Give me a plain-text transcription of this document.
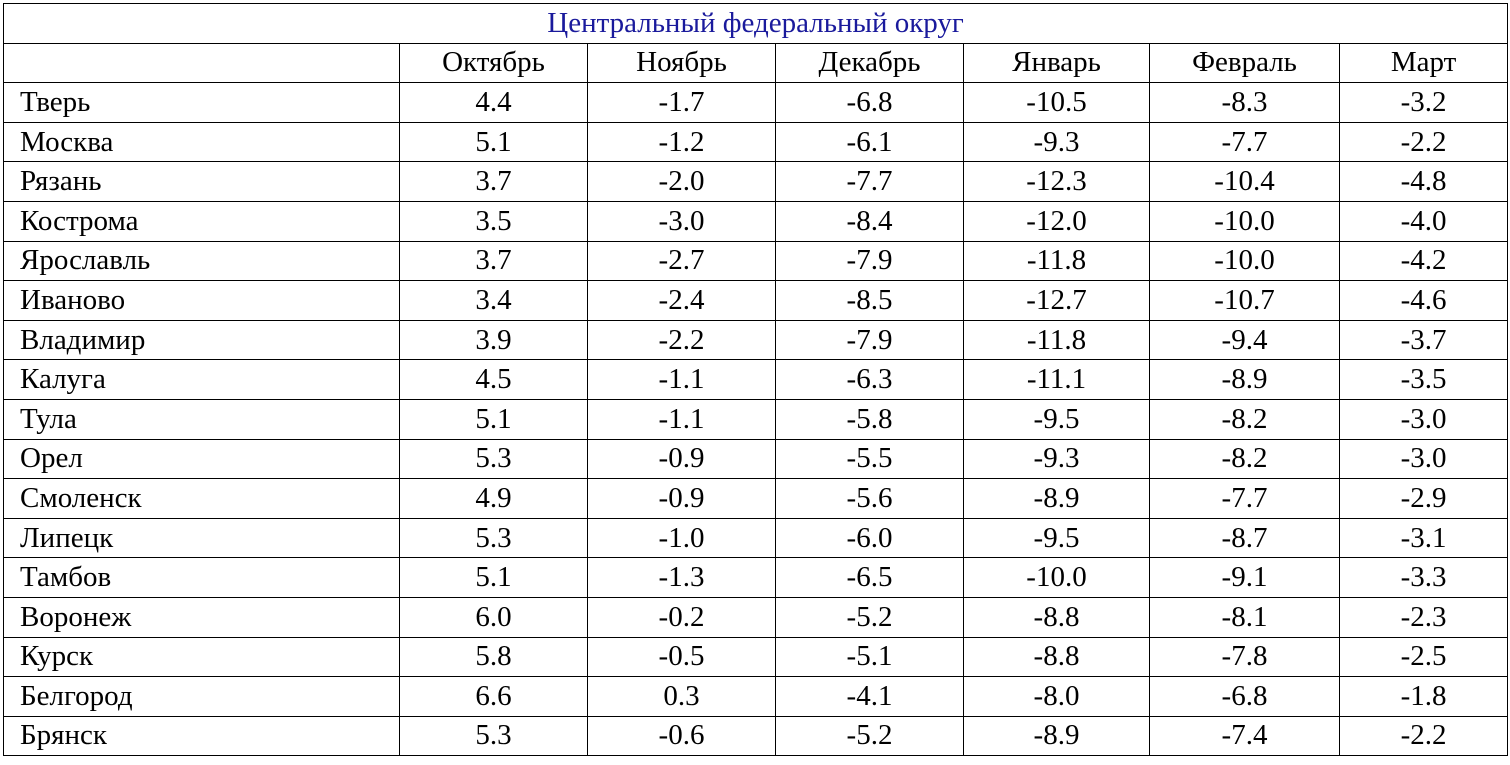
Центральный федеральный округ						
	Октябрь	Ноябрь	Декабрь	Январь	Февраль	Март
Тверь	4.4	-1.7	-6.8	-10.5	-8.3	-3.2
Москва	5.1	-1.2	-6.1	-9.3	-7.7	-2.2
Рязань	3.7	-2.0	-7.7	-12.3	-10.4	-4.8
Кострома	3.5	-3.0	-8.4	-12.0	-10.0	-4.0
Ярославль	3.7	-2.7	-7.9	-11.8	-10.0	-4.2
Иваново	3.4	-2.4	-8.5	-12.7	-10.7	-4.6
Владимир	3.9	-2.2	-7.9	-11.8	-9.4	-3.7
Калуга	4.5	-1.1	-6.3	-11.1	-8.9	-3.5
Тула	5.1	-1.1	-5.8	-9.5	-8.2	-3.0
Орел	5.3	-0.9	-5.5	-9.3	-8.2	-3.0
Смоленск	4.9	-0.9	-5.6	-8.9	-7.7	-2.9
Липецк	5.3	-1.0	-6.0	-9.5	-8.7	-3.1
Тамбов	5.1	-1.3	-6.5	-10.0	-9.1	-3.3
Воронеж	6.0	-0.2	-5.2	-8.8	-8.1	-2.3
Курск	5.8	-0.5	-5.1	-8.8	-7.8	-2.5
Белгород	6.6	0.3	-4.1	-8.0	-6.8	-1.8
Брянск	5.3	-0.6	-5.2	-8.9	-7.4	-2.2
